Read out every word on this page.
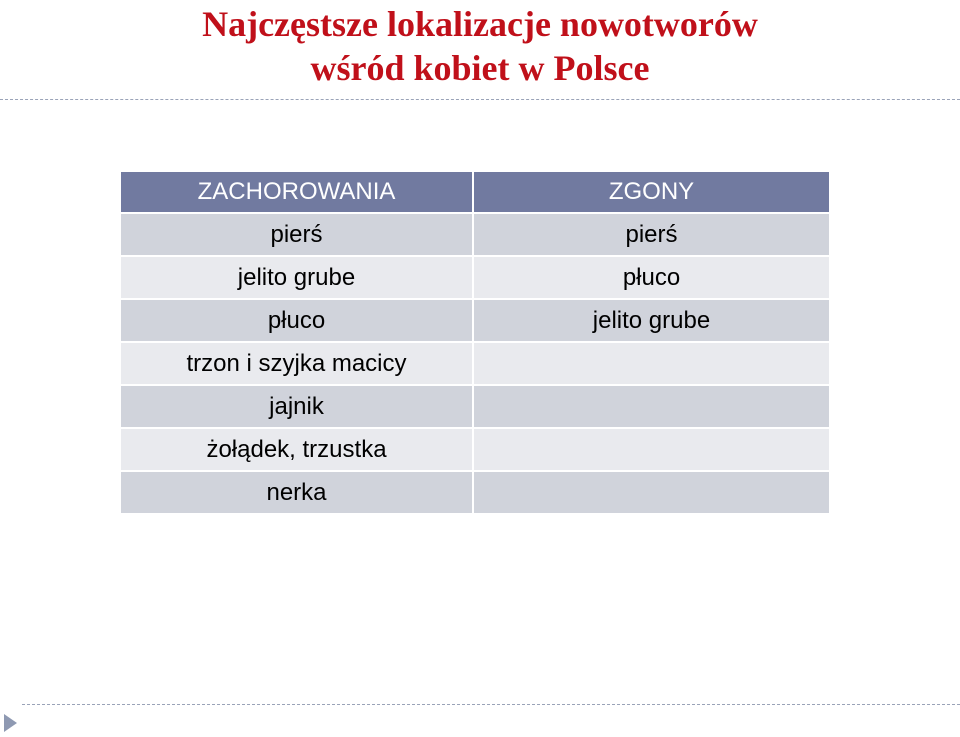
Najczęstsze lokalizacje nowotworów
wśród kobiet w Polsce
ZACHOROWANIA	ZGONY
pierś	pierś
jelito grube	płuco
płuco	jelito grube
trzon i szyjka macicy	
jajnik	
żołądek, trzustka	
nerka	
